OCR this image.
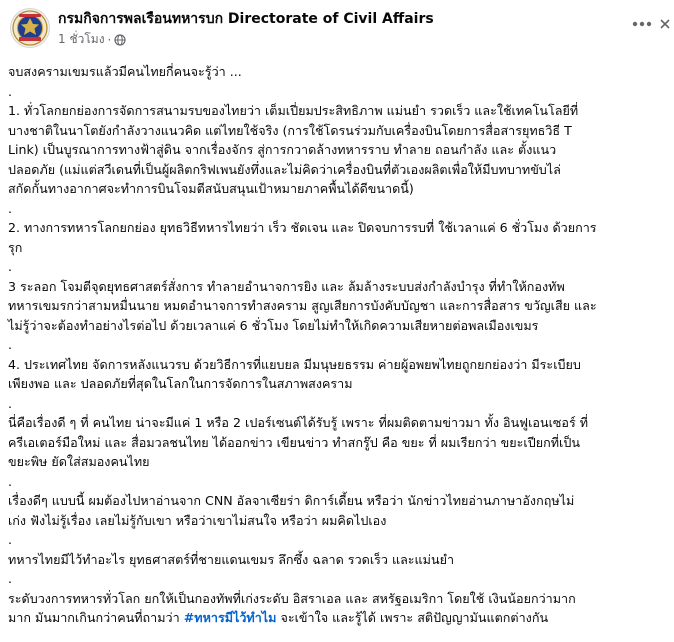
กรมกิจการพลเรือนทหารบก Directorate of Civil Affairs
1 ชั่วโมง ·

จบสงครามเขมรแล้วมีคนไทยกี่คนจะรู้ว่า ...

.

1. ทั่วโลกยกย่องการจัดการสนามรบของไทยว่า เต็มเปี่ยมประสิทธิภาพ แม่นยำ รวดเร็ว และใช้เทคโนโลยีที่

บางชาติในนาโตยังกำลังวางแนวคิด แต่ไทยใช้จริง (การใช้โดรนร่วมกับเครื่องบินโดยการสื่อสารยุทธวิธี T

Link) เป็นบูรณาการทางฟ้าสู่ดิน จากเรื่องจักร สู่การกวาดล้างทหารราบ ทำลาย ถอนกำลัง และ ตั้งแนว

ปลอดภัย (แม่แต่สวีเดนที่เป็นผู้ผลิตกริฟเพนยังทึ่งและไม่คิดว่าเครื่องบินที่ตัวเองผลิตเพื่อให้มีบทบาทขับไล่

สกัดกั้นทางอากาศจะทำการบินโจมตีสนับสนุนเป้าหมายภาคพื้นได้ดีขนาดนี้)

.

2. ทางการทหารโลกยกย่อง ยุทธวิธีทหารไทยว่า เร็ว ชัดเจน และ ปิดจบการรบที่ ใช้เวลาแค่ 6 ชั่วโมง ด้วยการ

รุก

.

3 ระลอก โจมตีจุดยุทธศาสตร์สั่งการ ทำลายอำนาจการยิง และ ล้มล้างระบบส่งกำลังบำรุง ที่ทำให้กองทัพ

ทหารเขมรกว่าสามหมื่นนาย หมดอำนาจการทำสงคราม สูญเสียการบังคับบัญชา และการสื่อสาร ขวัญเสีย และ

ไม่รู้ว่าจะต้องทำอย่างไรต่อไป ด้วยเวลาแค่ 6 ชั่วโมง โดยไม่ทำให้เกิดความเสียหายต่อพลเมืองเขมร

.

4. ประเทศไทย จัดการหลังแนวรบ ด้วยวิธีการที่แยบยล มีมนุษยธรรม ค่ายผู้อพยพไทยถูกยกย่องว่า มีระเบียบ

เพียงพอ และ ปลอดภัยที่สุดในโลกในการจัดการในสภาพสงคราม

.

นี่คือเรื่องดี ๆ ที่ คนไทย น่าจะมีแค่ 1 หรือ 2 เปอร์เซนต์ได้รับรู้ เพราะ ที่ผมติดตามข่าวมา ทั้ง อินฟูเอนเซอร์ ที่

ครีเอเตอร์มือใหม่ และ สื่อมวลชนไทย ได้ออกข่าว เขียนข่าว ทำสกรู๊ป คือ ขยะ ที่ ผมเรียกว่า ขยะเปียกที่เป็น

ขยะพิษ ยัดใส่สมองคนไทย

.

เรื่องดีๆ แบบนี้ ผมต้องไปหาอ่านจาก CNN อัลจาเซียร่า ดิการ์เดี้ยน หรือว่า นักข่าวไทยอ่านภาษาอังกฤษไม่

เก่ง ฟังไม่รู้เรื่อง เลยไม่รู้กับเขา หรือว่าเขาไม่สนใจ หรือว่า ผมคิดไปเอง

.

ทหารไทยมีไว้ทำอะไร ยุทธศาสตร์ที่ชายแดนเขมร ลึกซึ้ง ฉลาด รวดเร็ว และแม่นยำ

.

ระดับวงการทหารทั่วโลก ยกให้เป็นกองทัพที่เก่งระดับ อิสราเอล และ สหรัฐอเมริกา โดยใช้ เงินน้อยกว่ามาก

มาก มันมากเกินกว่าคนที่ถามว่า #ทหารมีไว้ทำไม จะเข้าใจ และรู้ได้ เพราะ สติปัญญามันแตกต่างกัน
